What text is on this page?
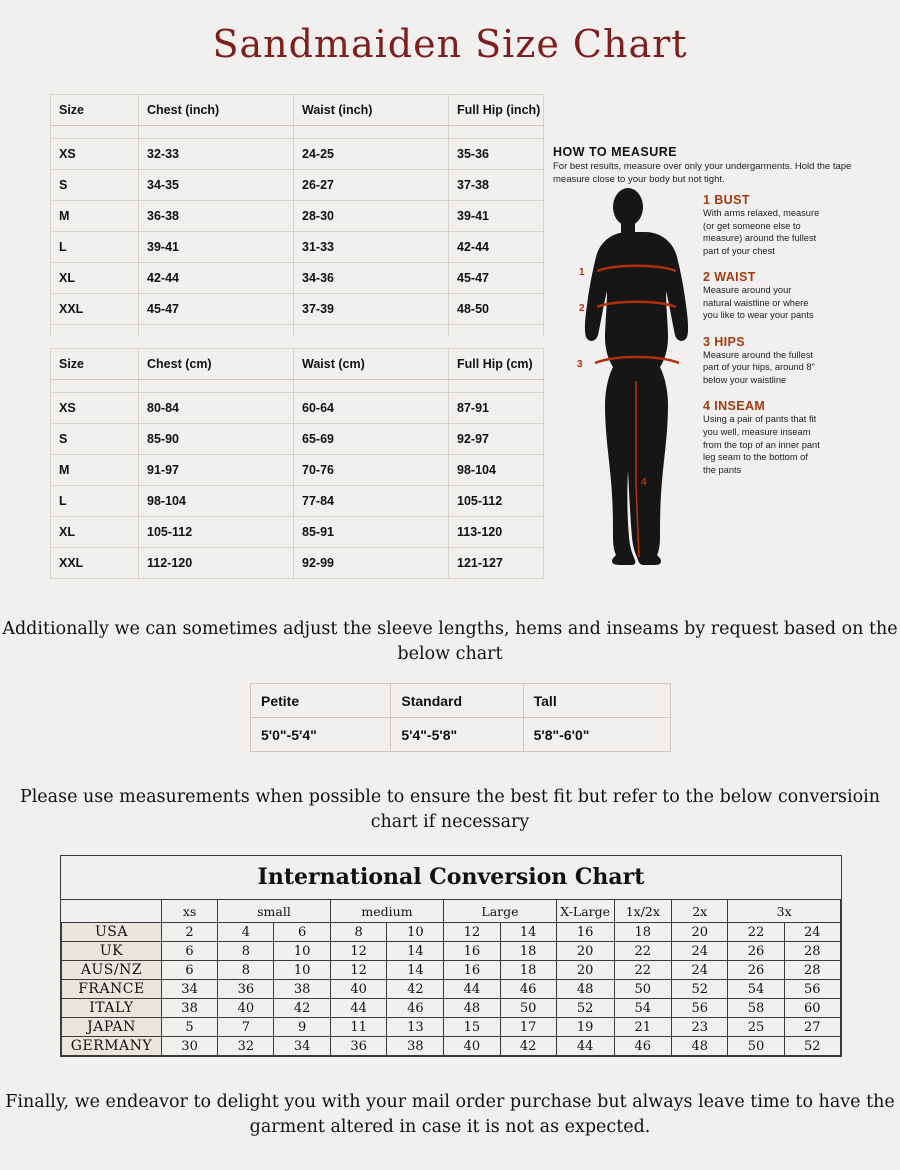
Sandmaiden Size Chart
Size	Chest (inch)	Waist (inch)	Full Hip (inch)

XS	32-33	24-25	35-36
S	34-35	26-27	37-38
M	36-38	28-30	39-41
L	39-41	31-33	42-44
XL	42-44	34-36	45-47
XXL	45-47	37-39	48-50

Size	Chest (cm)	Waist (cm)	Full Hip (cm)

XS	80-84	60-64	87-91
S	85-90	65-69	92-97
M	91-97	70-76	98-104
L	98-104	77-84	105-112
XL	105-112	85-91	113-120
XXL	112-120	92-99	121-127
HOW TO MEASURE
For best results, measure over only your undergarments. Hold the tape measure close to your body but not tight.
1
2
3
4
1 BUST
With arms relaxed, measure (or get someone else to measure) around the fullest part of your chest
2 WAIST
Measure around your natural waistline or where you like to wear your pants
3 HIPS
Measure around the fullest part of your hips, around 8" below your waistline
4 INSEAM
Using a pair of pants that fit you well, measure inseam from the top of an inner pant leg seam to the bottom of the pants
Additionally we can sometimes adjust the sleeve lengths, hems and inseams by request based on the below chart
Petite	Standard	Tall
5'0"-5'4"	5'4"-5'8"	5'8"-6'0"
Please use measurements when possible to ensure the best fit but refer to the below conversioin chart if necessary
International Conversion Chart
	xs	small		medium		Large		X-Large	1x/2x	2x	3x	
USA	2	4	6	8	10	12	14	16	18	20	22	24
UK	6	8	10	12	14	16	18	20	22	24	26	28
AUS/NZ	6	8	10	12	14	16	18	20	22	24	26	28
FRANCE	34	36	38	40	42	44	46	48	50	52	54	56
ITALY	38	40	42	44	46	48	50	52	54	56	58	60
JAPAN	5	7	9	11	13	15	17	19	21	23	25	27
GERMANY	30	32	34	36	38	40	42	44	46	48	50	52
Finally, we endeavor to delight you with your mail order purchase but always leave time to have the garment altered in case it is not as expected.
